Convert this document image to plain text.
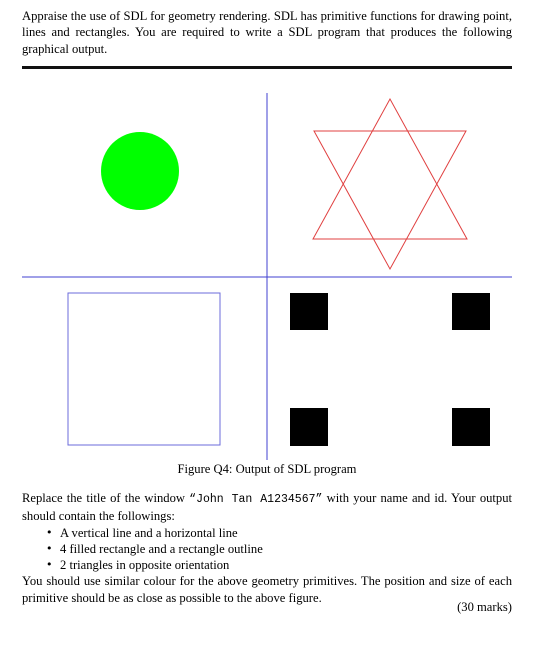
Appraise the use of SDL for geometry rendering. SDL has primitive functions for drawing point, lines and rectangles. You are required to write a SDL program that produces the following graphical output.

John Tan A1234567	—	✕
Figure Q4: Output of SDL program

Replace the title of the window “John Tan A1234567” with your name and id. Your output should contain the followings:

• A vertical line and a horizontal line
• 4 filled rectangle and a rectangle outline
• 2 triangles in opposite orientation

You should use similar colour for the above geometry primitives. The position and size of each primitive should be as close as possible to the above figure.

(30 marks)
